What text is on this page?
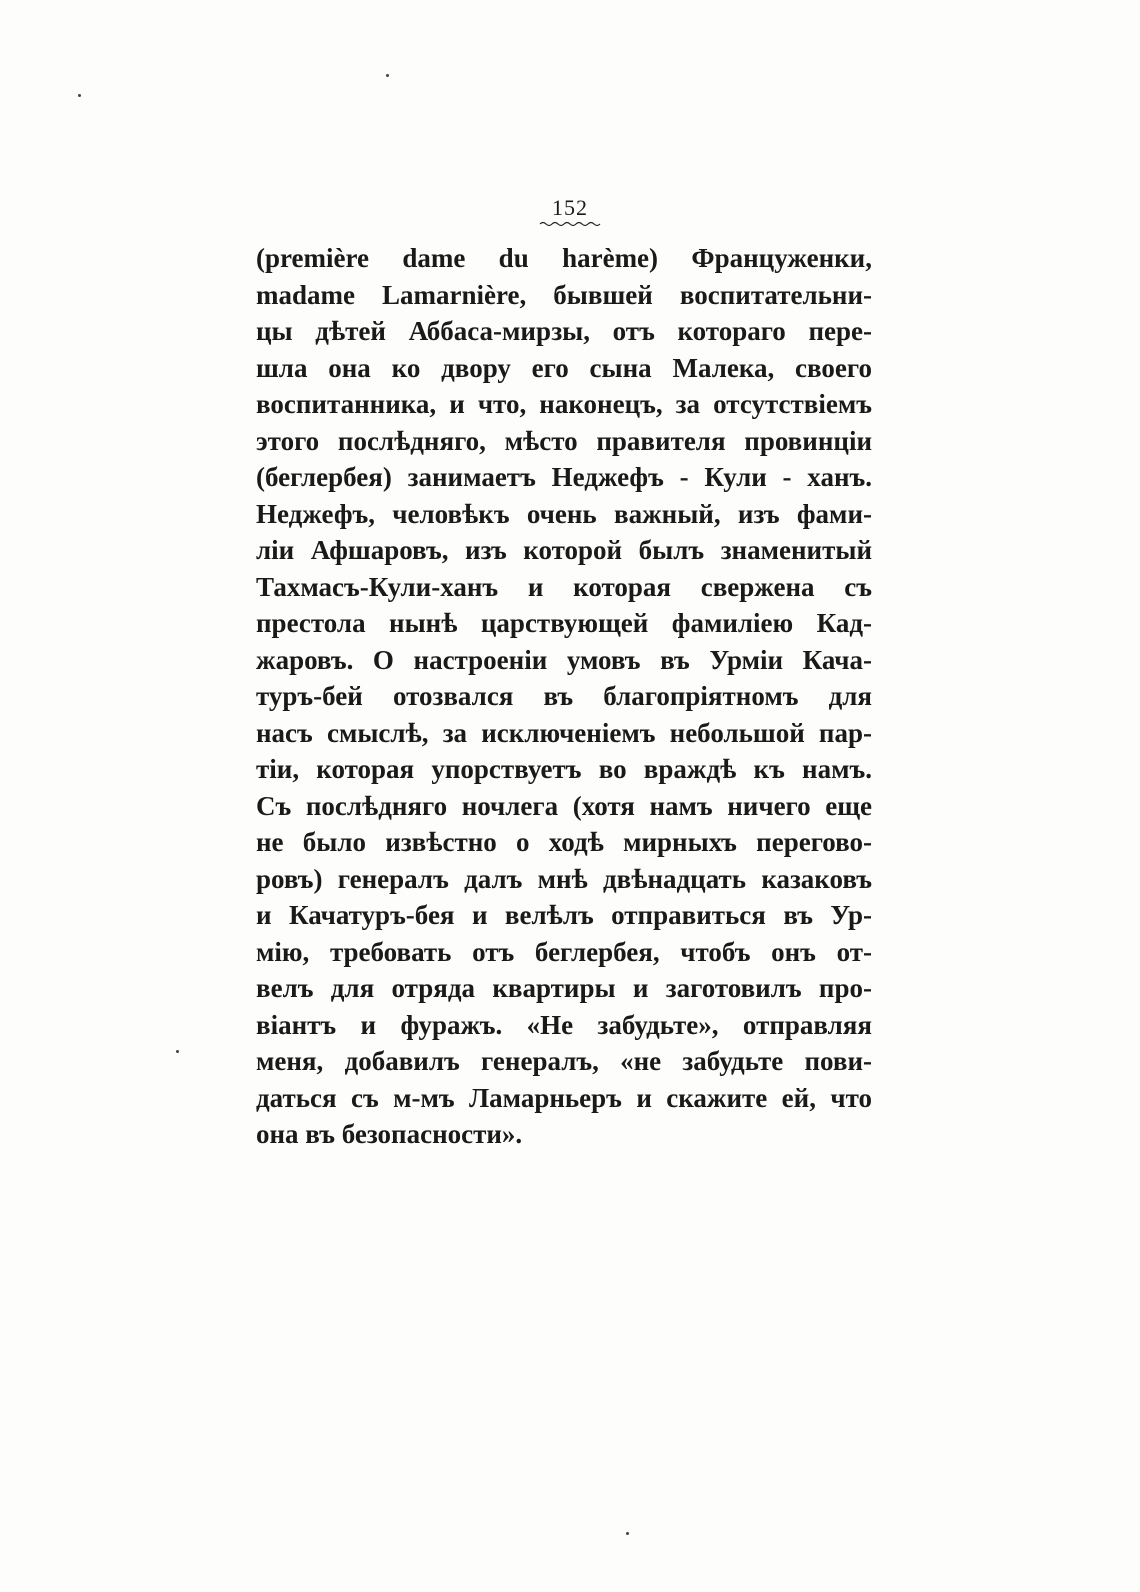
152
(première dame du harème) Француженки,
madame Lamarnière, бывшей воспитательни-
цы дѣтей Аббаса-мирзы, отъ котораго пере-
шла она ко двору его сына Малека, своего
воспитанника, и что, наконецъ, за отсутствіемъ
этого послѣдняго, мѣсто правителя провинціи
(беглербея) занимаетъ Неджефъ - Кули - ханъ.
Неджефъ, человѣкъ очень важный, изъ фами-
ліи Афшаровъ, изъ которой былъ знаменитый
Тахмасъ-Кули-ханъ и которая свержена съ
престола нынѣ царствующей фамиліею Кад-
жаровъ. О настроеніи умовъ въ Урміи Кача-
туръ-бей отозвался въ благопріятномъ для
насъ смыслѣ, за исключеніемъ небольшой пар-
тіи, которая упорствуетъ во враждѣ къ намъ.
Съ послѣдняго ночлега (хотя намъ ничего еще
не было извѣстно о ходѣ мирныхъ перегово-
ровъ) генералъ далъ мнѣ двѣнадцать казаковъ
и Качатуръ-бея и велѣлъ отправиться въ Ур-
мію, требовать отъ беглербея, чтобъ онъ от-
велъ для отряда квартиры и заготовилъ про-
віантъ и фуражъ. «Не забудьте», отправляя
меня, добавилъ генералъ, «не забудьте пови-
даться съ м-мъ Ламарньеръ и скажите ей, что
она въ безопасности».
